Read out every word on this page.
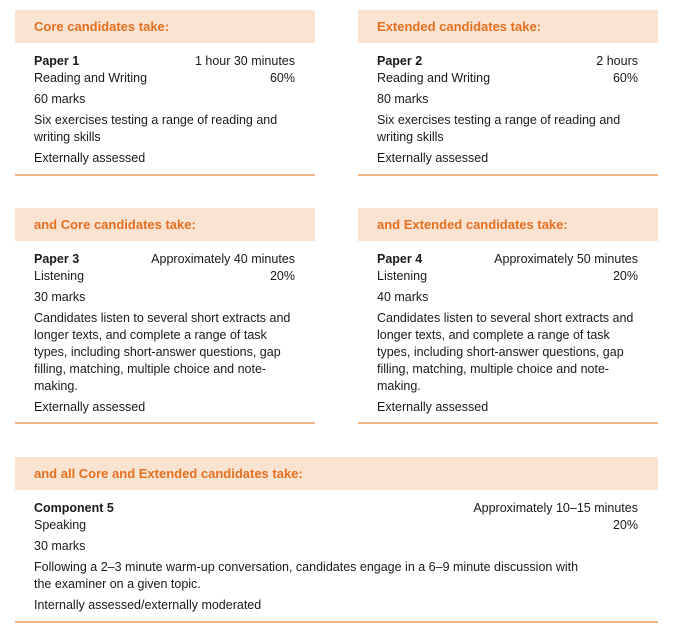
Core candidates take:
Paper 1	1 hour 30 minutes
Reading and Writing	60%
60 marks
Six exercises testing a range of reading and writing skills
Externally assessed
Extended candidates take:
Paper 2	2 hours
Reading and Writing	60%
80 marks
Six exercises testing a range of reading and writing skills
Externally assessed
and Core candidates take:
Paper 3	Approximately 40 minutes
Listening	20%
30 marks
Candidates listen to several short extracts and longer texts, and complete a range of task types, including short-answer questions, gap filling, matching, multiple choice and note-making.
Externally assessed
and Extended candidates take:
Paper 4	Approximately 50 minutes
Listening	20%
40 marks
Candidates listen to several short extracts and longer texts, and complete a range of task types, including short-answer questions, gap filling, matching, multiple choice and note-making.
Externally assessed
and all Core and Extended candidates take:
Component 5	Approximately 10–15 minutes
Speaking	20%
30 marks
Following a 2–3 minute warm-up conversation, candidates engage in a 6–9 minute discussion with the examiner on a given topic.
Internally assessed/externally moderated
